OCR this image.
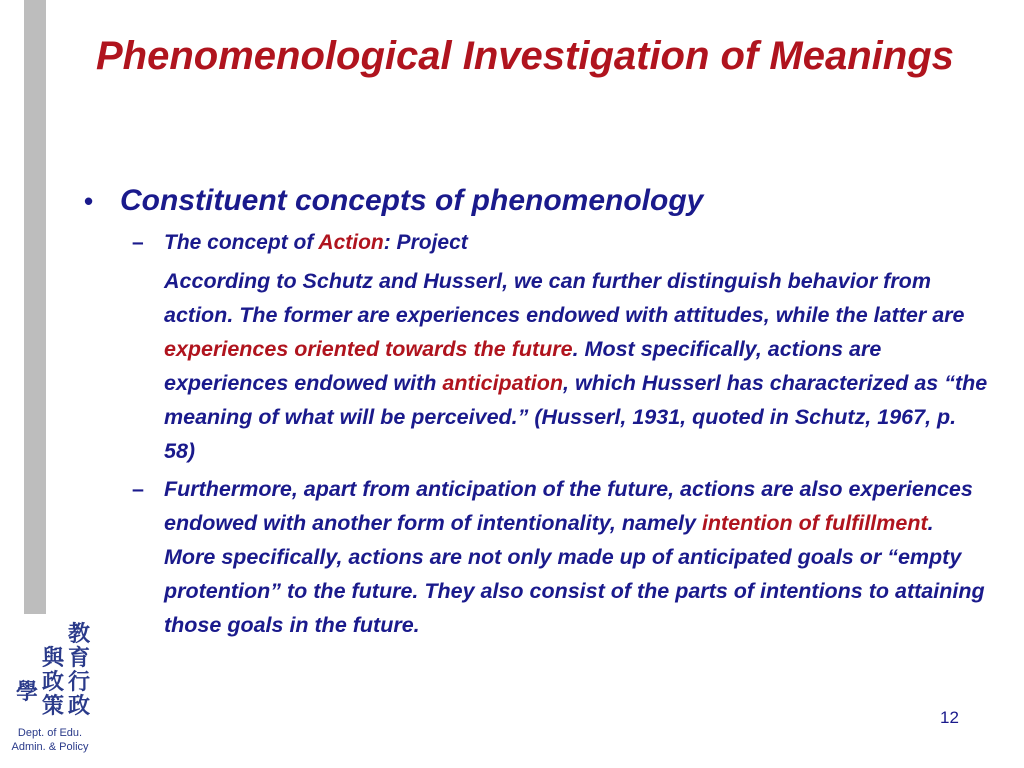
Phenomenological Investigation of Meanings
• Constituent concepts of phenomenology
– The concept of Action: Project
According to Schutz and Husserl, we can further distinguish behavior from action. The former are experiences endowed with attitudes, while the latter are experiences oriented towards the future. Most specifically, actions are experiences endowed with anticipation, which Husserl has characterized as “the meaning of what will be perceived.” (Husserl, 1931, quoted in Schutz, 1967, p. 58)
– Furthermore, apart from anticipation of the future, actions are also experiences endowed with another form of intentionality, namely intention of fulfillment. More specifically, actions are not only made up of anticipated goals or “empty protention” to the future. They also consist of the parts of intentions to attaining those goals in the future.
教
育
與
政 行
學
策 政
Dept. of Edu.
Admin. & Policy
12
